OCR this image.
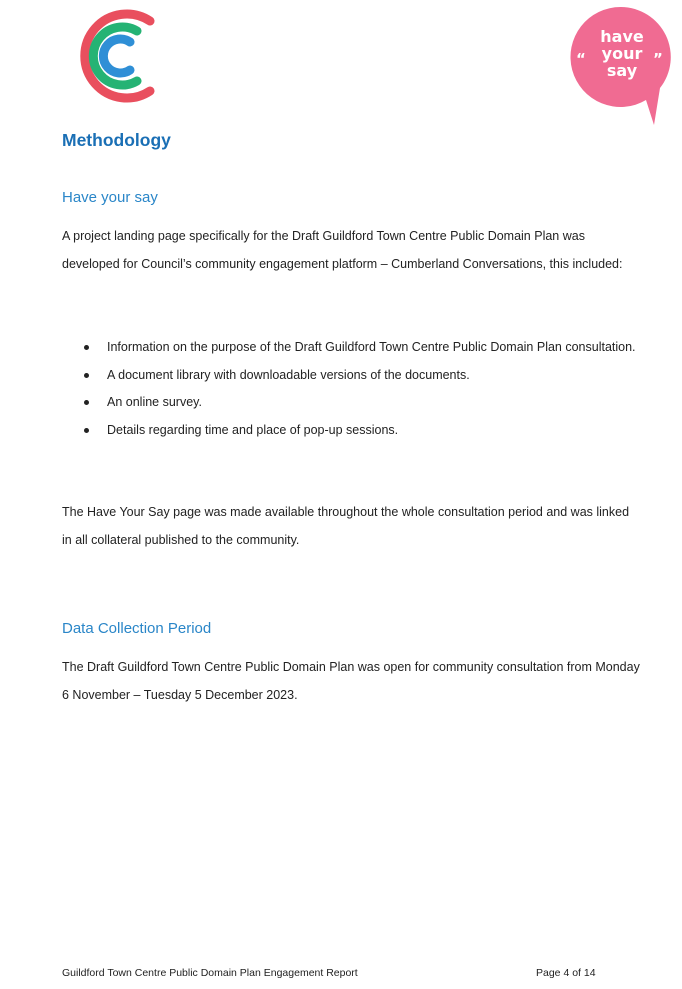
“	”
have
your
say
Methodology
Have your say

A project landing page specifically for the Draft Guildford Town Centre Public Domain Plan was developed for Council’s community engagement platform – Cumberland Conversations, this included:

Information on the purpose of the Draft Guildford Town Centre Public Domain Plan consultation.
A document library with downloadable versions of the documents.
An online survey.
Details regarding time and place of pop-up sessions.

The Have Your Say page was made available throughout the whole consultation period and was linked in all collateral published to the community.

Data Collection Period

The Draft Guildford Town Centre Public Domain Plan was open for community consultation from Monday 6 November – Tuesday 5 December 2023.

Guildford Town Centre Public Domain Plan Engagement Report	Page 4 of 14
